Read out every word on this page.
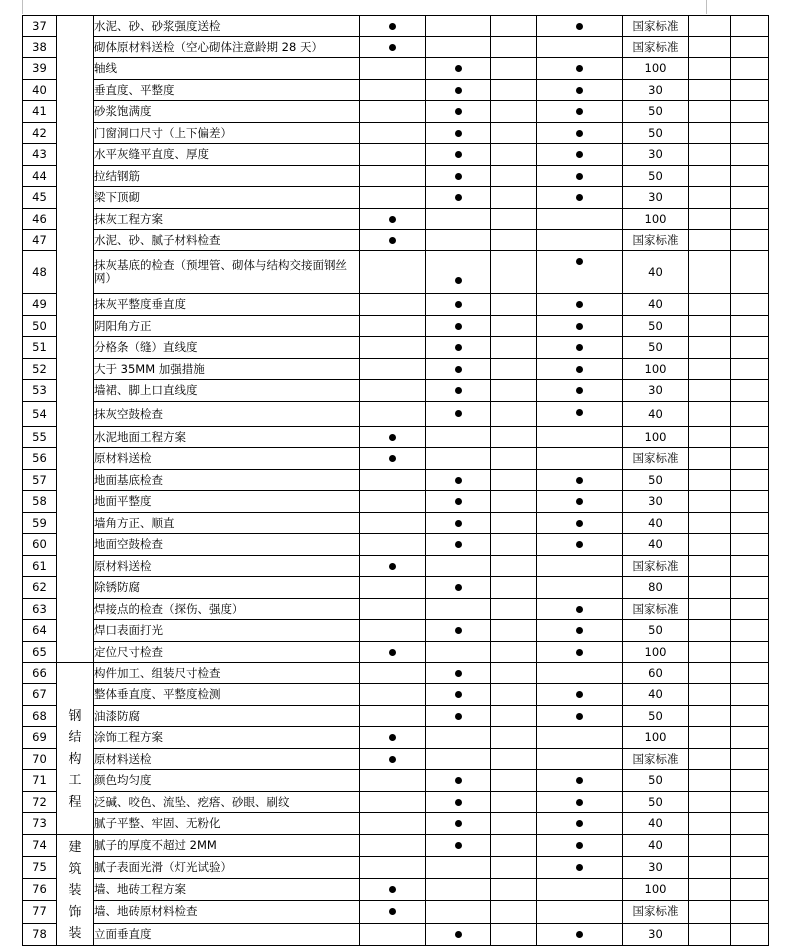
37		水泥、砂、砂浆强度送检					国家标准		
38		砌体原材料送检（空心砌体注意龄期 28 天）					国家标准		
39		轴线					100		
40		垂直度、平整度					30		
41		砂浆饱满度					50		
42		门窗洞口尺寸（上下偏差）					50		
43		水平灰缝平直度、厚度					30		
44		拉结钢筋					50		
45		梁下顶砌					30		
46		抹灰工程方案					100		
47		水泥、砂、腻子材料检查					国家标准		
48		抹灰基底的检查（预埋管、砌体与结构交接面钢丝网）					40		
49		抹灰平整度垂直度					40		
50		阴阳角方正					50		
51		分格条（缝）直线度					50		
52		大于 35MM 加强措施					100		
53		墙裙、脚上口直线度					30		
54		抹灰空鼓检查					40		
55		水泥地面工程方案					100		
56		原材料送检					国家标准		
57		地面基底检查					50		
58		地面平整度					30		
59		墙角方正、顺直					40		
60		地面空鼓检查					40		
61		原材料送检					国家标准		
62		除锈防腐					80		
63		焊接点的检查（探伤、强度）					国家标准		
64		焊口表面打光					50		
65		定位尺寸检查					100		
66	钢结构工程	构件加工、组装尺寸检查					60		
67		整体垂直度、平整度检测					40		
68		油漆防腐					50		
69		涂饰工程方案					100		
70		原材料送检					国家标准		
71		颜色均匀度					50		
72		泛碱、咬色、流坠、疙瘩、砂眼、刷纹					50		
73		腻子平整、牢固、无粉化					40		
74	建筑装饰装	腻子的厚度不超过 2MM					40		
75		腻子表面光滑（灯光试验）					30		
76		墙、地砖工程方案					100		
77		墙、地砖原材料检查					国家标准		
78		立面垂直度					30		
